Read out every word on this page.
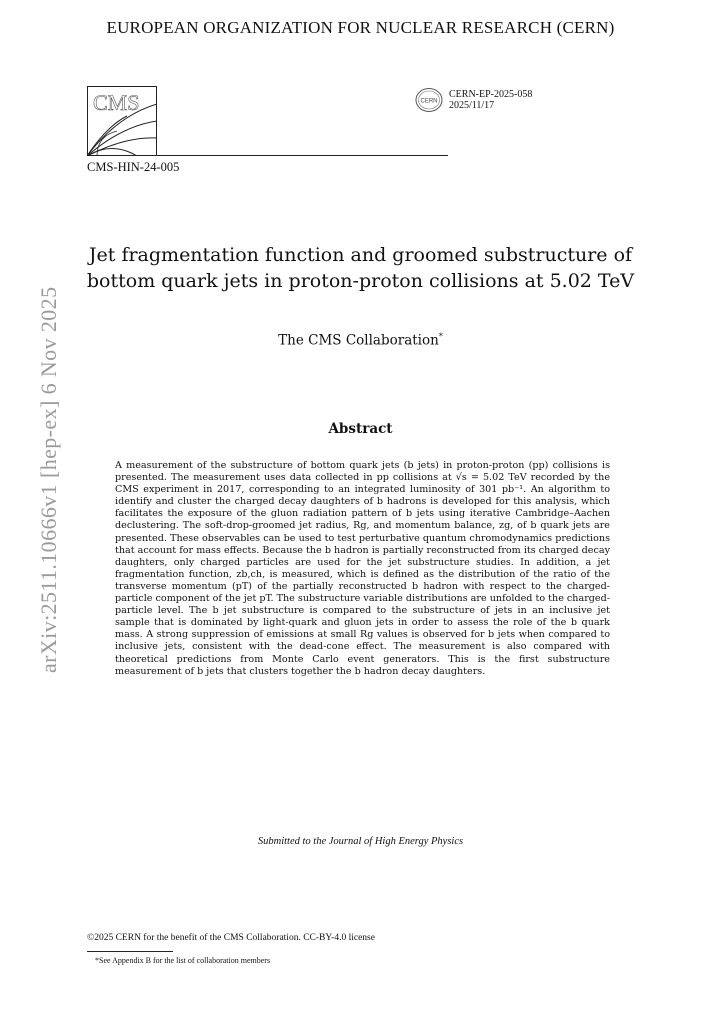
EUROPEAN ORGANIZATION FOR NUCLEAR RESEARCH (CERN)
CMS	CERN
CERN-EP-2025-058
2025/11/17
CMS-HIN-24-005
Jet fragmentation function and groomed substructure of
bottom quark jets in proton-proton collisions at 5.02 TeV
The CMS Collaboration*
Abstract

A measurement of the substructure of bottom quark jets (b jets) in proton-proton (pp) collisions is presented. The measurement uses data collected in pp collisions at √s = 5.02 TeV recorded by the CMS experiment in 2017, corresponding to an integrated luminosity of 301 pb⁻¹. An algorithm to identify and cluster the charged decay daughters of b hadrons is developed for this analysis, which facilitates the exposure of the gluon radiation pattern of b jets using iterative Cambridge–Aachen declustering. The soft-drop-groomed jet radius, Rg, and momentum balance, zg, of b quark jets are presented. These observables can be used to test perturbative quantum chromodynamics predictions that account for mass effects. Because the b hadron is partially reconstructed from its charged decay daughters, only charged particles are used for the jet substructure studies. In addition, a jet fragmentation function, zb,ch, is measured, which is defined as the distribution of the ratio of the transverse momentum (pT) of the partially reconstructed b hadron with respect to the charged-particle component of the jet pT. The substructure variable distributions are unfolded to the charged-particle level. The b jet substructure is compared to the substructure of jets in an inclusive jet sample that is dominated by light-quark and gluon jets in order to assess the role of the b quark mass. A strong suppression of emissions at small Rg values is observed for b jets when compared to inclusive jets, consistent with the dead-cone effect. The measurement is also compared with theoretical predictions from Monte Carlo event generators. This is the first substructure measurement of b jets that clusters together the b hadron decay daughters.

Submitted to the Journal of High Energy Physics
©2025 CERN for the benefit of the CMS Collaboration. CC-BY-4.0 license
*See Appendix B for the list of collaboration members
arXiv:2511.10666v1 [hep-ex] 6 Nov 2025
